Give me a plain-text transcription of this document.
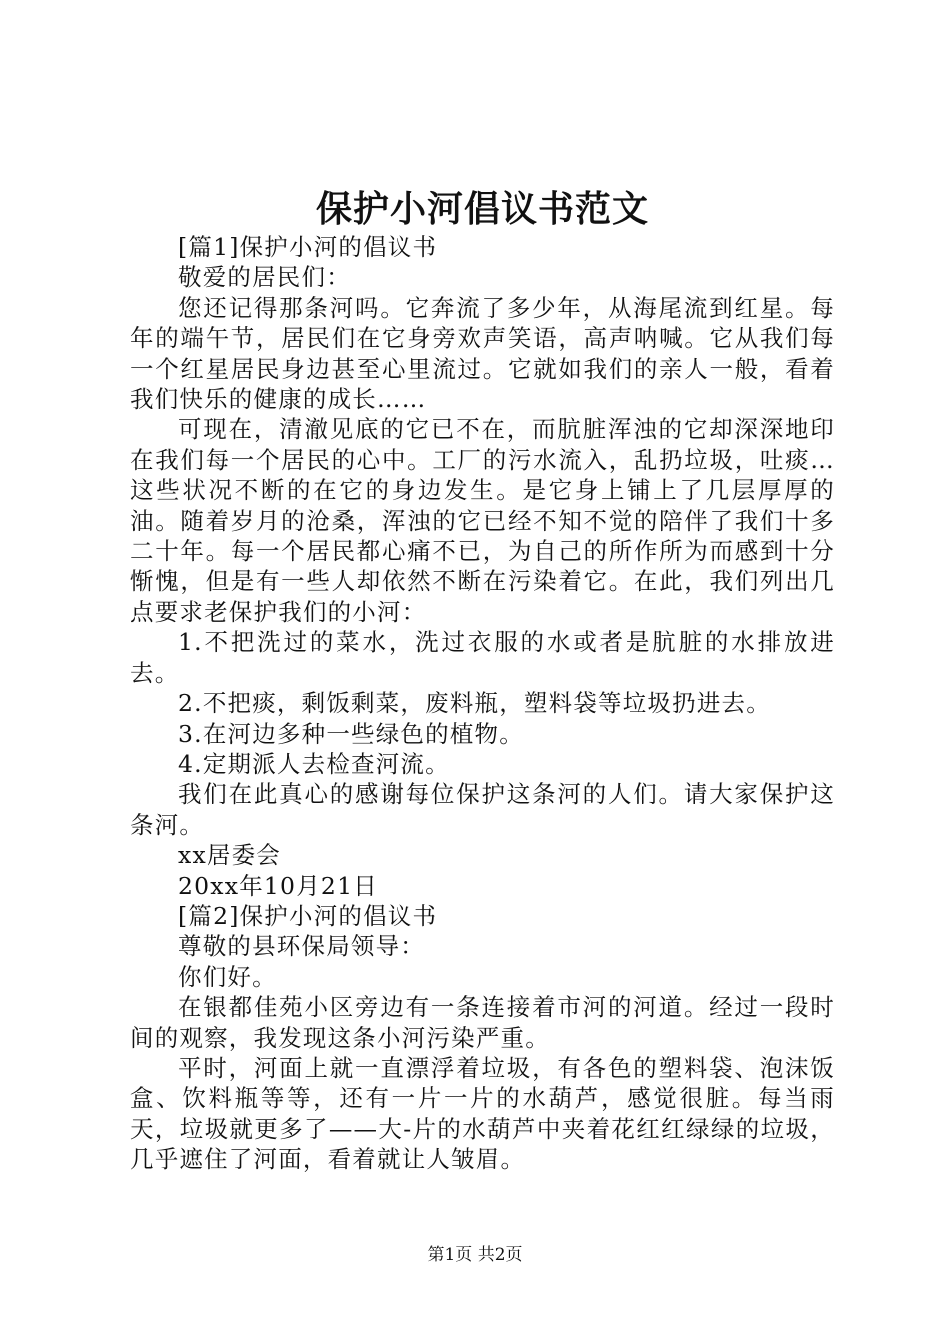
保护小河倡议书范文

[篇1]保护小河的倡议书

敬爱的居民们：

您还记得那条河吗。它奔流了多少年，从海尾流到红星。每年的端午节，居民们在它身旁欢声笑语，高声呐喊。它从我们每一个红星居民身边甚至心里流过。它就如我们的亲人一般，看着我们快乐的健康的成长……

可现在，清澈见底的它已不在，而肮脏浑浊的它却深深地印在我们每一个居民的心中。工厂的污水流入，乱扔垃圾，吐痰…这些状况不断的在它的身边发生。是它身上铺上了几层厚厚的油。随着岁月的沧桑，浑浊的它已经不知不觉的陪伴了我们十多二十年。每一个居民都心痛不已，为自己的所作所为而感到十分惭愧，但是有一些人却依然不断在污染着它。在此，我们列出几点要求老保护我们的小河：

1.不把洗过的菜水，洗过衣服的水或者是肮脏的水排放进去。

2.不把痰，剩饭剩菜，废料瓶，塑料袋等垃圾扔进去。

3.在河边多种一些绿色的植物。

4.定期派人去检查河流。

我们在此真心的感谢每位保护这条河的人们。请大家保护这条河。

xx居委会

20xx年10月21日

[篇2]保护小河的倡议书

尊敬的县环保局领导：

你们好。

在银都佳苑小区旁边有一条连接着市河的河道。经过一段时间的观察，我发现这条小河污染严重。

平时，河面上就一直漂浮着垃圾，有各色的塑料袋、泡沫饭盒、饮料瓶等等，还有一片一片的水葫芦，感觉很脏。每当雨天，垃圾就更多了——大-片的水葫芦中夹着花红红绿绿的垃圾，几乎遮住了河面，看着就让人皱眉。

第1页 共2页
